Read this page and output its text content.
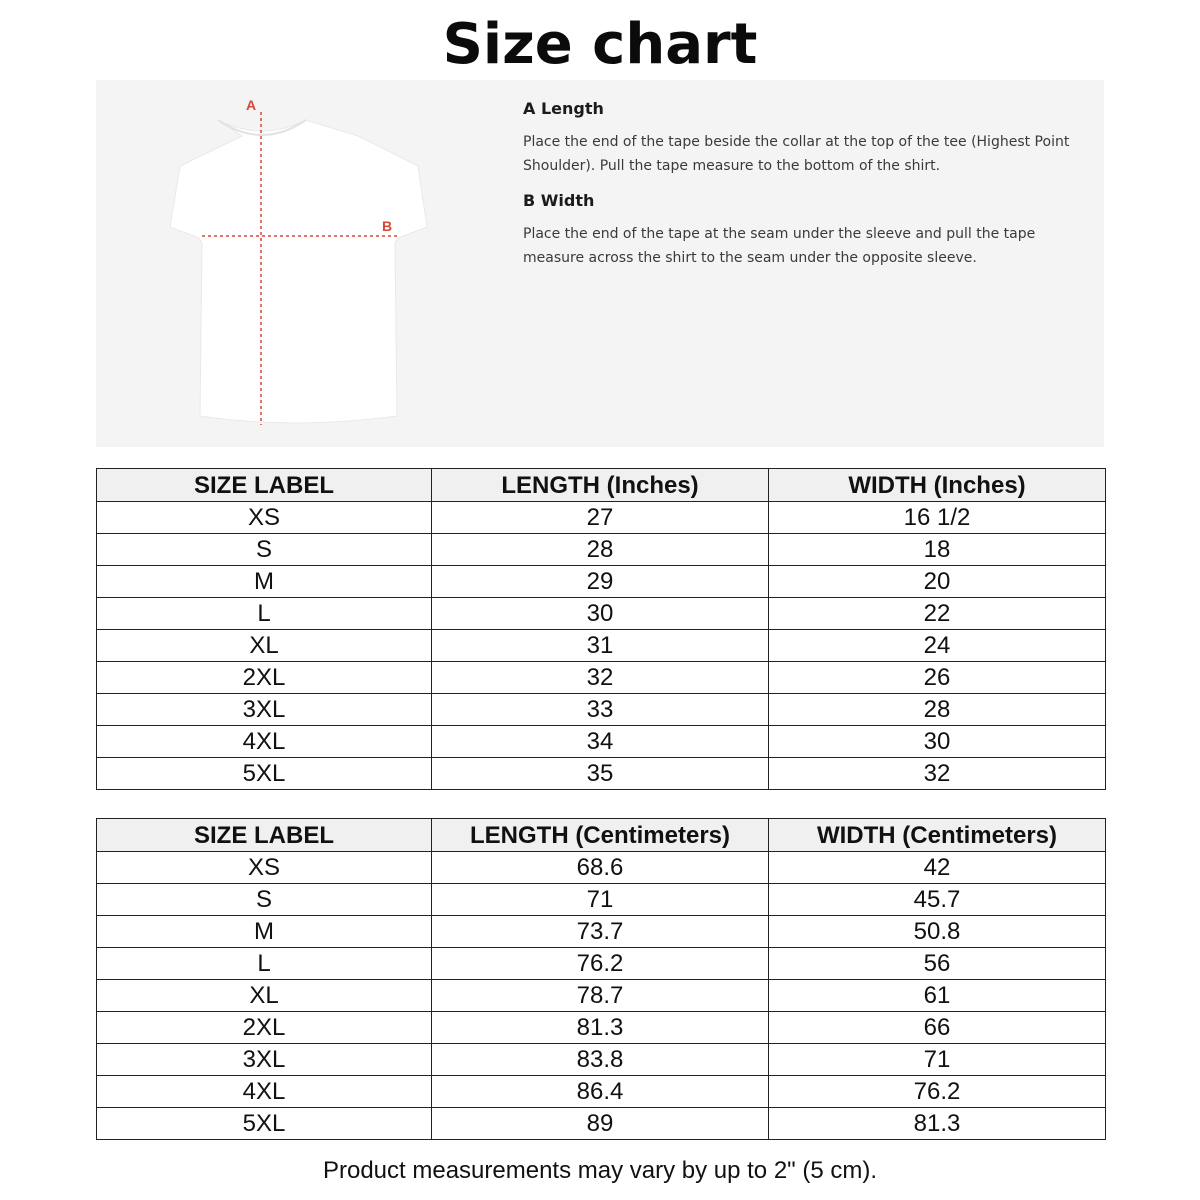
Size chart
A
B

A Length

Place the end of the tape beside the collar at the top of the tee (Highest Point Shoulder). Pull the tape measure to the bottom of the shirt.

B Width

Place the end of the tape at the seam under the sleeve and pull the tape measure across the shirt to the seam under the opposite sleeve.

SIZE LABEL	LENGTH (Inches)	WIDTH (Inches)
XS	27	16 1/2
S	28	18
M	29	20
L	30	22
XL	31	24
2XL	32	26
3XL	33	28
4XL	34	30
5XL	35	32
SIZE LABEL	LENGTH (Centimeters)	WIDTH (Centimeters)
XS	68.6	42
S	71	45.7
M	73.7	50.8
L	76.2	56
XL	78.7	61
2XL	81.3	66
3XL	83.8	71
4XL	86.4	76.2
5XL	89	81.3
Product measurements may vary by up to 2" (5 cm).
